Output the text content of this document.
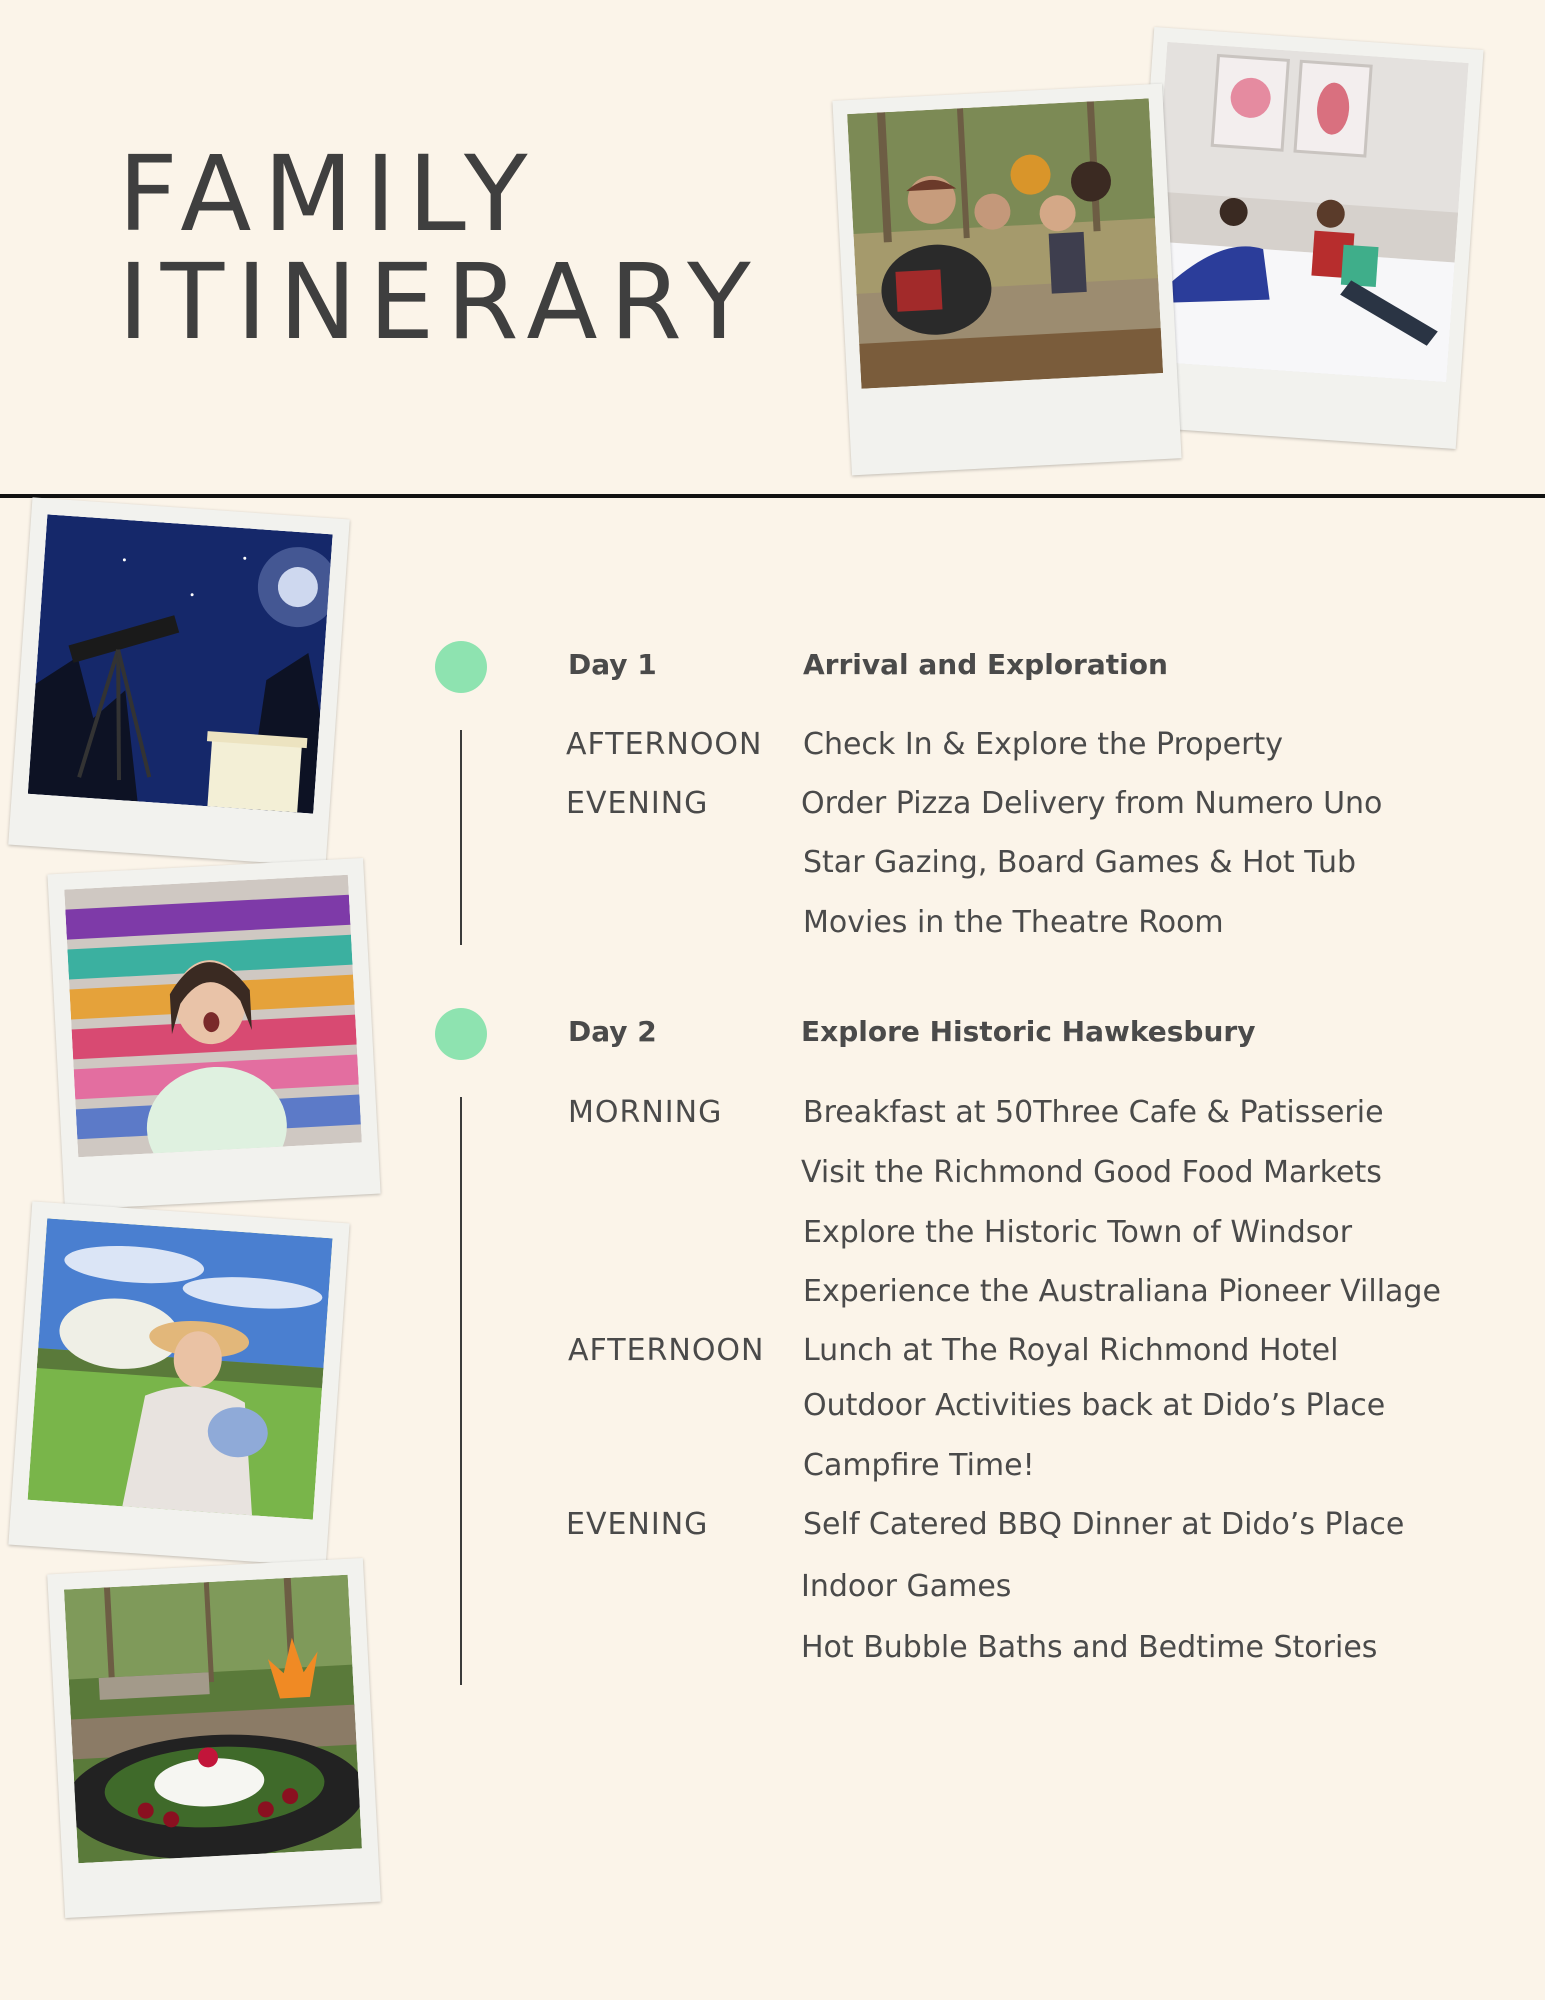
FAMILY
ITINERARY
Day 1	Arrival and Exploration
AFTERNOON Check In & Explore the Property
EVENING	Order Pizza Delivery from Numero Uno
Star Gazing, Board Games & Hot Tub
Movies in the Theatre Room
Day 2	Explore Historic Hawkesbury
MORNING	Breakfast at 50Three Cafe & Patisserie
Visit the Richmond Good Food Markets
Explore the Historic Town of Windsor
Experience the Australiana Pioneer Village
AFTERNOON Lunch at The Royal Richmond Hotel
Outdoor Activities back at Dido’s Place
Campfire Time!
EVENING	Self Catered BBQ Dinner at Dido’s Place
Indoor Games
Hot Bubble Baths and Bedtime Stories
